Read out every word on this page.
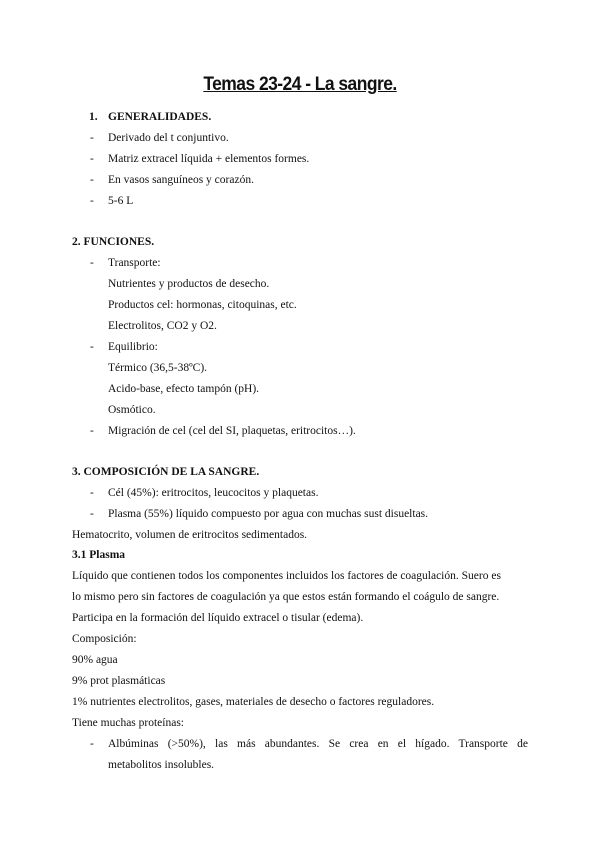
Temas 23-24 - La sangre.
1. GENERALIDADES.
- Derivado del t conjuntivo.
- Matriz extracel líquida + elementos formes.
- En vasos sanguíneos y corazón.
- 5-6 L
2. FUNCIONES.
- Transporte:
Nutrientes y productos de desecho.
Productos cel: hormonas, citoquinas, etc.
Electrolitos, CO2 y O2.
- Equilibrio:
Térmico (36,5-38ºC).
Acido-base, efecto tampón (pH).
Osmótico.
- Migración de cel (cel del SI, plaquetas, eritrocitos…).
3. COMPOSICIÓN DE LA SANGRE.
- Cél (45%): eritrocitos, leucocitos y plaquetas.
- Plasma (55%) líquido compuesto por agua con muchas sust disueltas.
Hematocrito, volumen de eritrocitos sedimentados.
3.1 Plasma
Líquido que contienen todos los componentes incluidos los factores de coagulación. Suero es
lo mismo pero sin factores de coagulación ya que estos están formando el coágulo de sangre.
Participa en la formación del líquido extracel o tisular (edema).
Composición:
90% agua
9% prot plasmáticas
1% nutrientes electrolitos, gases, materiales de desecho o factores reguladores.
Tiene muchas proteínas:
- Albúminas (>50%), las más abundantes. Se crea en el hígado. Transporte de
metabolitos insolubles.
